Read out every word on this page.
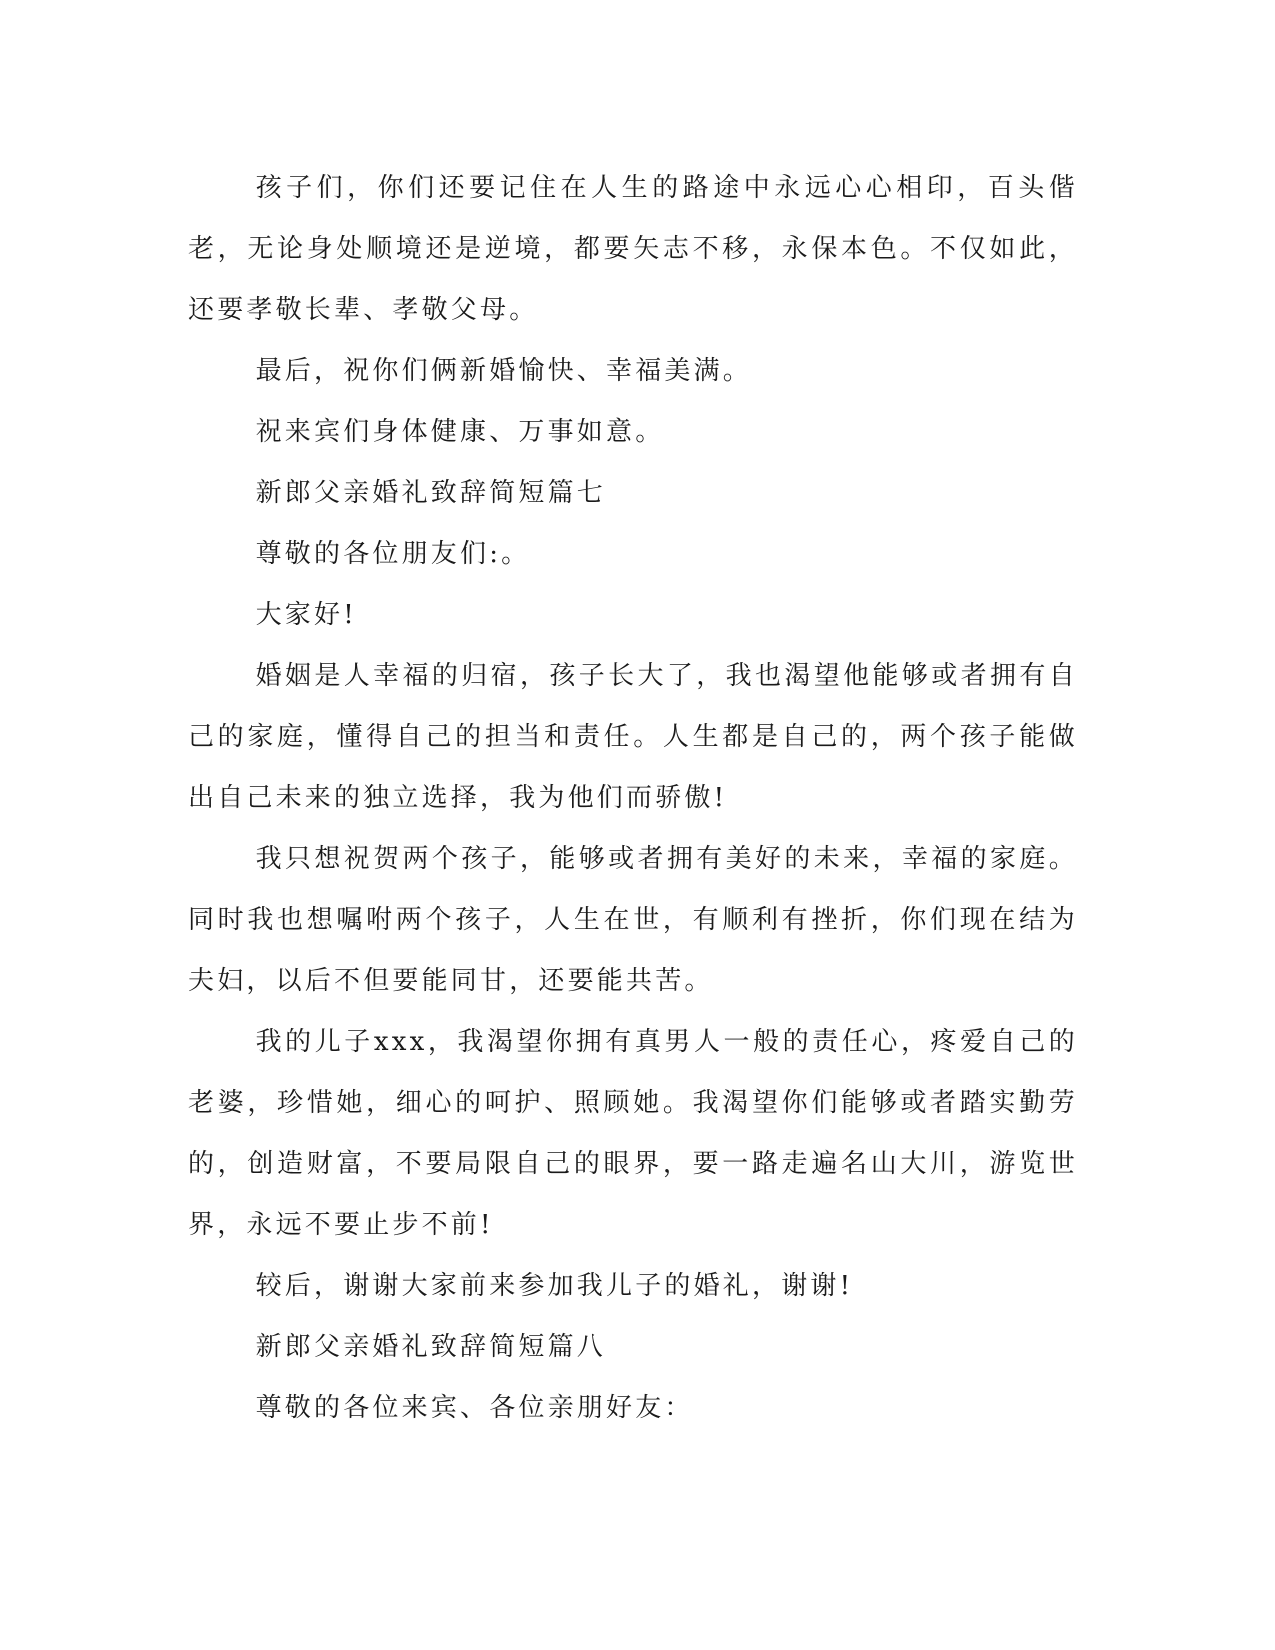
孩子们，你们还要记住在人生的路途中永远心心相印，百头偕老，无论身处顺境还是逆境，都要矢志不移，永保本色。不仅如此，还要孝敬长辈、孝敬父母。

最后，祝你们俩新婚愉快、幸福美满。

祝来宾们身体健康、万事如意。

新郎父亲婚礼致辞简短篇七

尊敬的各位朋友们:。

大家好!

婚姻是人幸福的归宿，孩子长大了，我也渴望他能够或者拥有自己的家庭，懂得自己的担当和责任。人生都是自己的，两个孩子能做出自己未来的独立选择，我为他们而骄傲!

我只想祝贺两个孩子，能够或者拥有美好的未来，幸福的家庭。同时我也想嘱咐两个孩子，人生在世，有顺利有挫折，你们现在结为夫妇，以后不但要能同甘，还要能共苦。

我的儿子xxx，我渴望你拥有真男人一般的责任心，疼爱自己的老婆，珍惜她，细心的呵护、照顾她。我渴望你们能够或者踏实勤劳的，创造财富，不要局限自己的眼界，要一路走遍名山大川，游览世界，永远不要止步不前!

较后，谢谢大家前来参加我儿子的婚礼，谢谢!

新郎父亲婚礼致辞简短篇八

尊敬的各位来宾、各位亲朋好友：
